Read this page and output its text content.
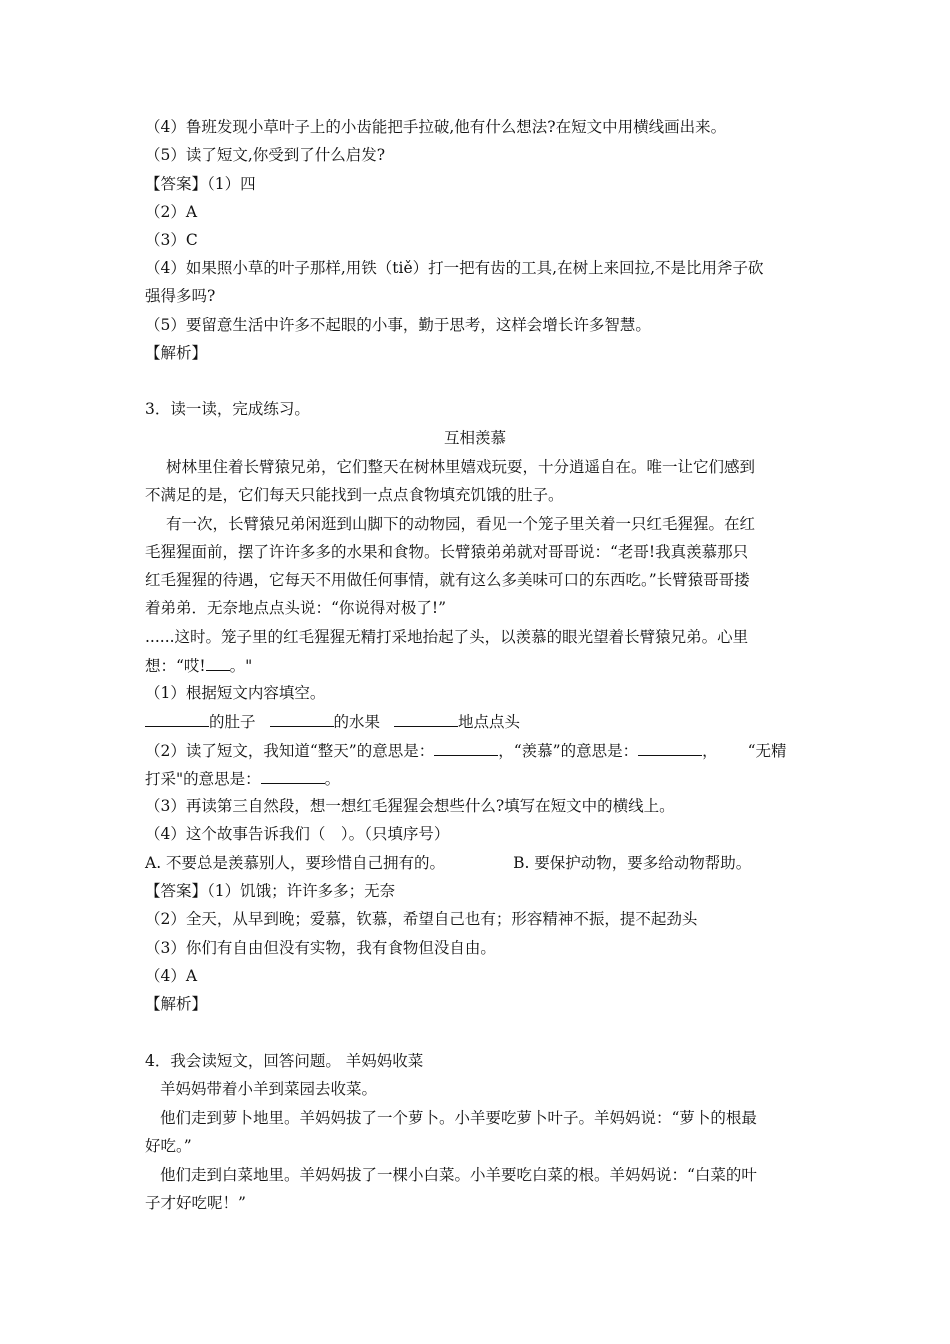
（4）鲁班发现小草叶子上的小齿能把手拉破,他有什么想法?在短文中用横线画出来。
（5）读了短文,你受到了什么启发?
【答案】（1）四
（2）A
（3）C
（4）如果照小草的叶子那样,用铁（tiě）打一把有齿的工具,在树上来回拉,不是比用斧子砍
强得多吗?
（5）要留意生活中许多不起眼的小事，勤于思考，这样会增长许多智慧。
【解析】
3．读一读，完成练习。
互相羡慕
树林里住着长臂猿兄弟，它们整天在树林里嬉戏玩耍，十分逍遥自在。唯一让它们感到
不满足的是，它们每天只能找到一点点食物填充饥饿的肚子。
有一次，长臂猿兄弟闲逛到山脚下的动物园，看见一个笼子里关着一只红毛猩猩。在红
毛猩猩面前，摆了许许多多的水果和食物。长臂猿弟弟就对哥哥说：“老哥!我真羡慕那只
红毛猩猩的待遇，它每天不用做任何事情，就有这么多美味可口的东西吃。”长臂猿哥哥搂
着弟弟．无奈地点点头说：“你说得对极了!”
......这时。笼子里的红毛猩猩无精打采地抬起了头，以羡慕的眼光望着长臂猿兄弟。心里
想：“哎! 。"
（1）根据短文内容填空。
的肚子	的水果	地点点头
（2）读了短文，我知道“整天”的意思是：	，“羡慕”的意思是：	， “无精
打采"的意思是：	。
（3）再读第三自然段，想一想红毛猩猩会想些什么?填写在短文中的横线上。
（4）这个故事告诉我们（　）。（只填序号）
A. 不要总是羡慕别人，要珍惜自己拥有的。	B. 要保护动物，要多给动物帮助。
【答案】（1）饥饿；许许多多；无奈
（2）全天，从早到晚；爱慕，钦慕，希望自己也有；形容精神不振，提不起劲头
（3）你们有自由但没有实物，我有食物但没自由。
（4）A
【解析】
4．我会读短文，回答问题。 羊妈妈收菜
羊妈妈带着小羊到菜园去收菜。
他们走到萝卜地里。羊妈妈拔了一个萝卜。小羊要吃萝卜叶子。羊妈妈说：“萝卜的根最
好吃。”
他们走到白菜地里。羊妈妈拔了一棵小白菜。小羊要吃白菜的根。羊妈妈说：“白菜的叶
子才好吃呢！”
